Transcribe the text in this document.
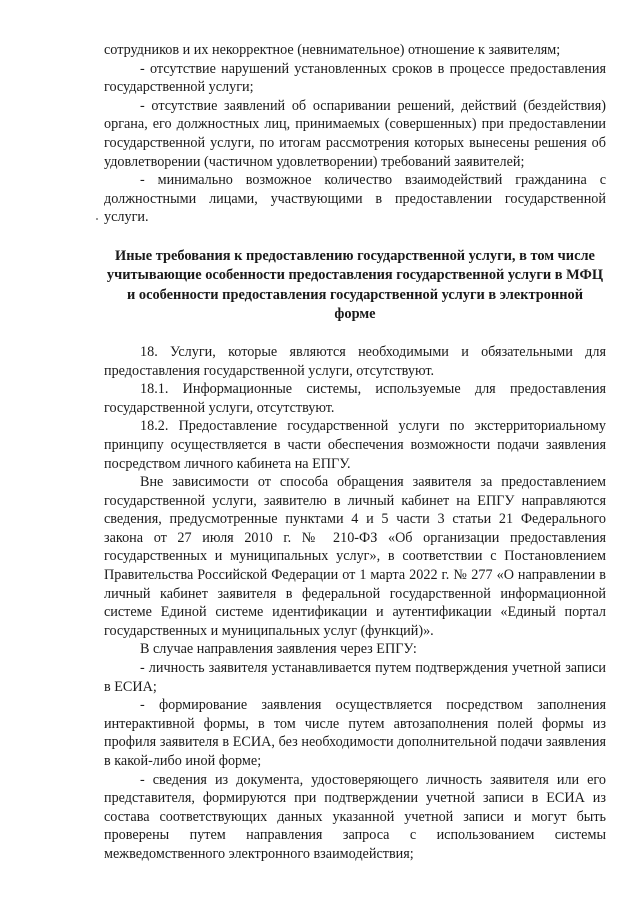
сотрудников и их некорректное (невнимательное) отношение к заявителям;

- отсутствие нарушений установленных сроков в процессе предоставления государственной услуги;

- отсутствие заявлений об оспаривании решений, действий (бездействия) органа, его должностных лиц, принимаемых (совершенных) при предоставлении государственной услуги, по итогам рассмотрения которых вынесены решения об удовлетворении (частичном удовлетворении) требований заявителей;

- минимально возможное количество взаимодействий гражданина с должностными лицами, участвующими в предоставлении государственной услуги.

Иные требования к предоставлению государственной услуги, в том числе учитывающие особенности предоставления государственной услуги в МФЦ и особенности предоставления государственной услуги в электронной форме

18. Услуги, которые являются необходимыми и обязательными для предоставления государственной услуги, отсутствуют.

18.1. Информационные системы, используемые для предоставления государственной услуги, отсутствуют.

18.2. Предоставление государственной услуги по экстерриториальному принципу осуществляется в части обеспечения возможности подачи заявления посредством личного кабинета на ЕПГУ.

Вне зависимости от способа обращения заявителя за предоставлением государственной услуги, заявителю в личный кабинет на ЕПГУ направляются сведения, предусмотренные пунктами 4 и 5 части 3 статьи 21 Федерального закона от 27 июля 2010 г. № 210-ФЗ «Об организации предоставления государственных и муниципальных услуг», в соответствии с Постановлением Правительства Российской Федерации от 1 марта 2022 г. № 277 «О направлении в личный кабинет заявителя в федеральной государственной информационной системе Единой системе идентификации и аутентификации «Единый портал государственных и муниципальных услуг (функций)».

В случае направления заявления через ЕПГУ:

- личность заявителя устанавливается путем подтверждения учетной записи в ЕСИА;

- формирование заявления осуществляется посредством заполнения интерактивной формы, в том числе путем автозаполнения полей формы из профиля заявителя в ЕСИА, без необходимости дополнительной подачи заявления в какой-либо иной форме;

- сведения из документа, удостоверяющего личность заявителя или его представителя, формируются при подтверждении учетной записи в ЕСИА из состава соответствующих данных указанной учетной записи и могут быть проверены путем направления запроса с использованием системы межведомственного электронного взаимодействия;
